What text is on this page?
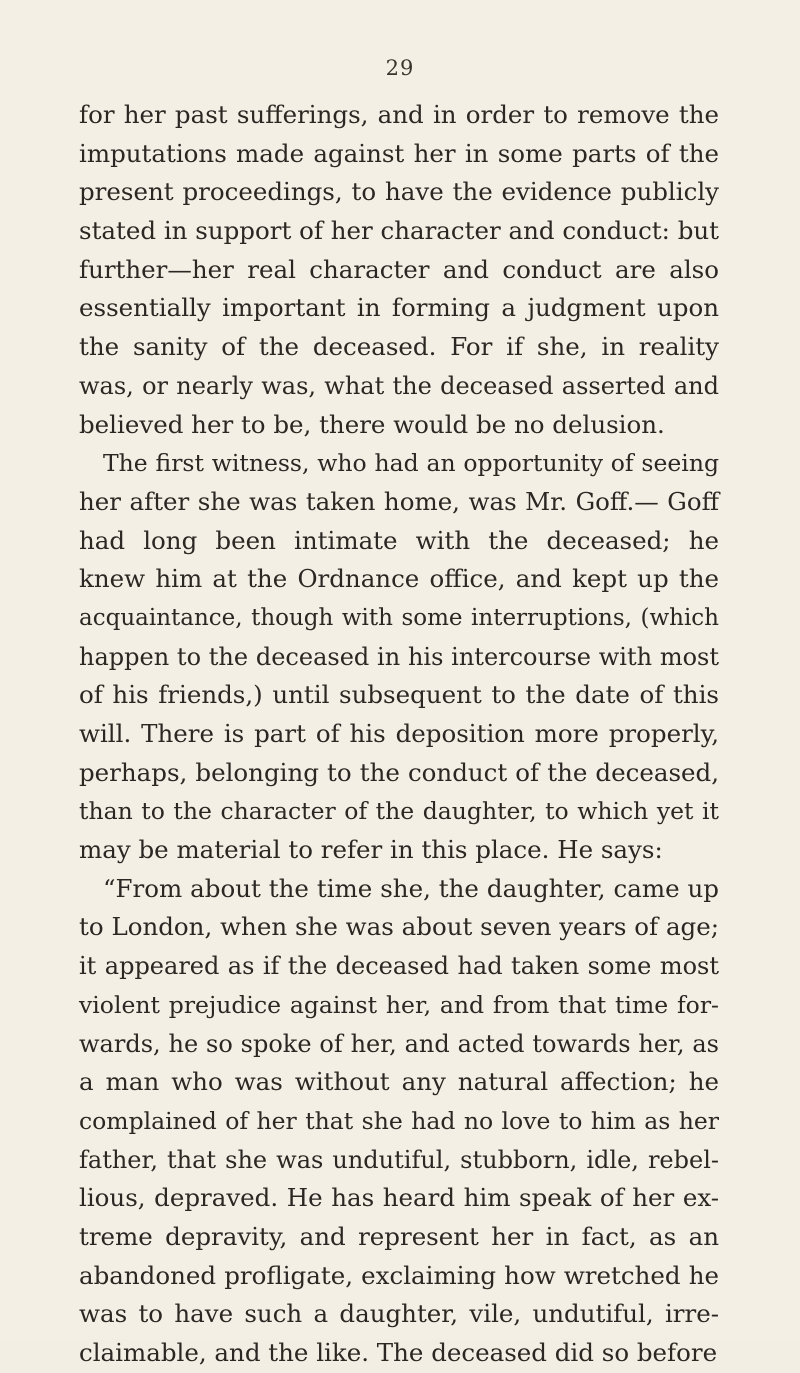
29
for her past sufferings, and in order to remove the
imputations made against her in some parts of the
present proceedings, to have the evidence publicly
stated in support of her character and conduct: but
further—her real character and conduct are also
essentially important in forming a judgment upon
the sanity of the deceased. For if she, in reality
was, or nearly was, what the deceased asserted and
believed her to be, there would be no delusion.
The first witness, who had an opportunity of seeing
her after she was taken home, was Mr. Goff.— Goff
had long been intimate with the deceased; he
knew him at the Ordnance office, and kept up the
acquaintance, though with some interruptions, (which
happen to the deceased in his intercourse with most
of his friends,) until subsequent to the date of this
will. There is part of his deposition more properly,
perhaps, belonging to the conduct of the deceased,
than to the character of the daughter, to which yet it
may be material to refer in this place. He says:
“From about the time she, the daughter, came up
to London, when she was about seven years of age;
it appeared as if the deceased had taken some most
violent prejudice against her, and from that time for-
wards, he so spoke of her, and acted towards her, as
a man who was without any natural affection; he
complained of her that she had no love to him as her
father, that she was undutiful, stubborn, idle, rebel-
lious, depraved. He has heard him speak of her ex-
treme depravity, and represent her in fact, as an
abandoned profligate, exclaiming how wretched he
was to have such a daughter, vile, undutiful, irre-
claimable, and the like. The deceased did so before
